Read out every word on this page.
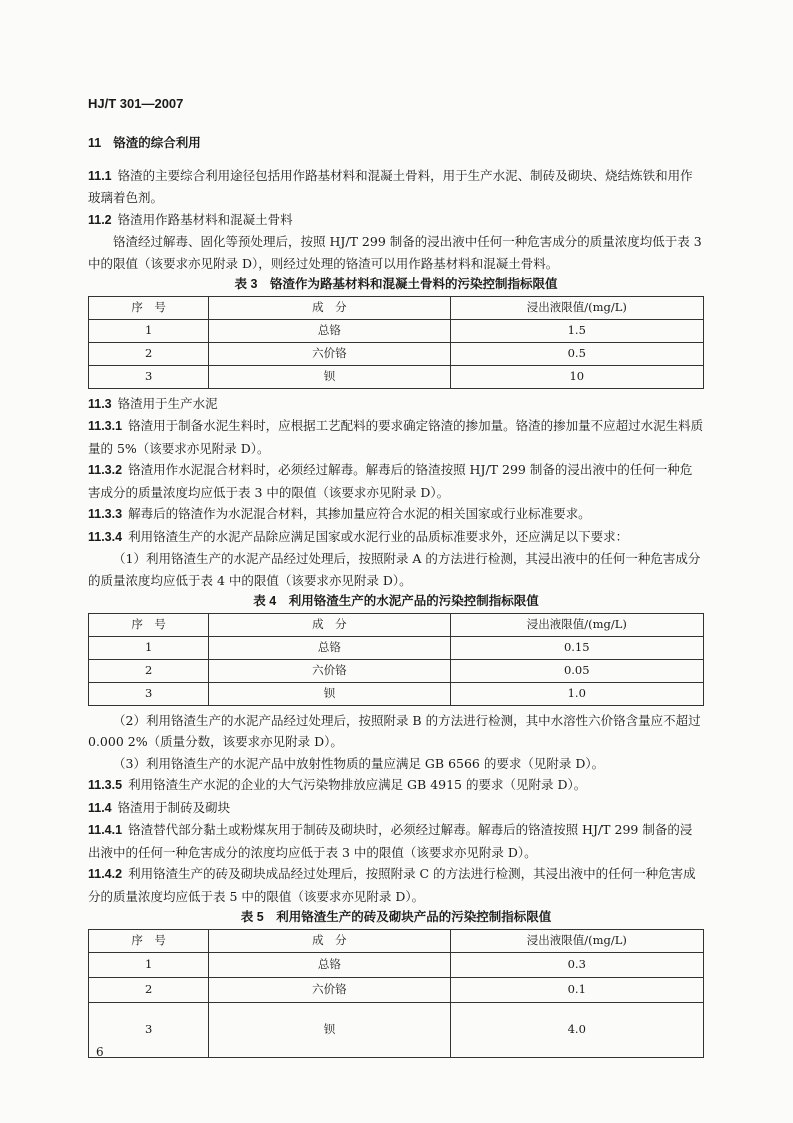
HJ/T 301—2007

11 铬渣的综合利用

11.1 铬渣的主要综合利用途径包括用作路基材料和混凝土骨料，用于生产水泥、制砖及砌块、烧结炼铁和用作玻璃着色剂。

11.2 铬渣用作路基材料和混凝土骨料

铬渣经过解毒、固化等预处理后，按照 HJ/T 299 制备的浸出液中任何一种危害成分的质量浓度均低于表 3 中的限值（该要求亦见附录 D），则经过处理的铬渣可以用作路基材料和混凝土骨料。

表 3　铬渣作为路基材料和混凝土骨料的污染控制指标限值

序　号	成　分	浸出液限值/(mg/L)
1	总铬	1.5
2	六价铬	0.5
3	钡	10

11.3 铬渣用于生产水泥

11.3.1 铬渣用于制备水泥生料时，应根据工艺配料的要求确定铬渣的掺加量。铬渣的掺加量不应超过水泥生料质量的 5%（该要求亦见附录 D）。

11.3.2 铬渣用作水泥混合材料时，必须经过解毒。解毒后的铬渣按照 HJ/T 299 制备的浸出液中的任何一种危害成分的质量浓度均应低于表 3 中的限值（该要求亦见附录 D）。

11.3.3 解毒后的铬渣作为水泥混合材料，其掺加量应符合水泥的相关国家或行业标准要求。

11.3.4 利用铬渣生产的水泥产品除应满足国家或水泥行业的品质标准要求外，还应满足以下要求：

（1）利用铬渣生产的水泥产品经过处理后，按照附录 A 的方法进行检测，其浸出液中的任何一种危害成分的质量浓度均应低于表 4 中的限值（该要求亦见附录 D）。

表 4　利用铬渣生产的水泥产品的污染控制指标限值

序　号	成　分	浸出液限值/(mg/L)
1	总铬	0.15
2	六价铬	0.05
3	钡	1.0

（2）利用铬渣生产的水泥产品经过处理后，按照附录 B 的方法进行检测，其中水溶性六价铬含量应不超过 0.000 2%（质量分数，该要求亦见附录 D）。

（3）利用铬渣生产的水泥产品中放射性物质的量应满足 GB 6566 的要求（见附录 D）。

11.3.5 利用铬渣生产水泥的企业的大气污染物排放应满足 GB 4915 的要求（见附录 D）。

11.4 铬渣用于制砖及砌块

11.4.1 铬渣替代部分黏土或粉煤灰用于制砖及砌块时，必须经过解毒。解毒后的铬渣按照 HJ/T 299 制备的浸出液中的任何一种危害成分的浓度均应低于表 3 中的限值（该要求亦见附录 D）。

11.4.2 利用铬渣生产的砖及砌块成品经过处理后，按照附录 C 的方法进行检测，其浸出液中的任何一种危害成分的质量浓度均应低于表 5 中的限值（该要求亦见附录 D）。

表 5　利用铬渣生产的砖及砌块产品的污染控制指标限值

序　号	成　分	浸出液限值/(mg/L)
1	总铬	0.3
2	六价铬	0.1
3	钡	4.0
6
